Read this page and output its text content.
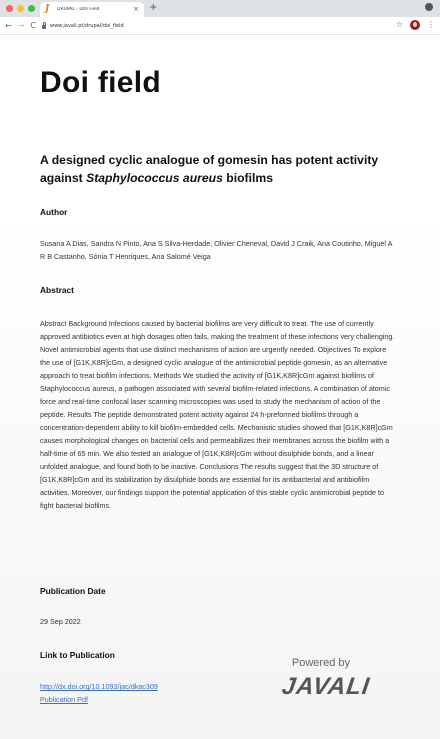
J	DRUPAL - DOI Field	× +
← → C	www.javali.pt/drupal/doi_field	☆	⋮
Doi field
A designed cyclic analogue of gomesin has potent activity against Staphylococcus aureus biofilms
Author

Susana A Dias, Sandra N Pinto, Ana S Silva-Herdade, Olivier Cheneval, David J Craik, Ana Coutinho, Miguel A R B Castanho, Sónia T Henriques, Ana Salomé Veiga

Abstract

Abstract Background Infections caused by bacterial biofilms are very difficult to treat. The use of currently approved antibiotics even at high dosages often fails, making the treatment of these infections very challenging. Novel antimicrobial agents that use distinct mechanisms of action are urgently needed. Objectives To explore the use of [G1K,K8R]cGm, a designed cyclic analogue of the antimicrobial peptide gomesin, as an alternative approach to treat biofilm infections. Methods We studied the activity of [G1K,K8R]cGm against biofilms of Staphylococcus aureus, a pathogen associated with several biofilm-related infections. A combination of atomic force and real-time confocal laser scanning microscopies was used to study the mechanism of action of the peptide. Results The peptide demonstrated potent activity against 24 h-preformed biofilms through a concentration-dependent ability to kill biofilm-embedded cells. Mechanistic studies showed that [G1K,K8R]cGm causes morphological changes on bacterial cells and permeabilizes their membranes across the biofilm with a half-time of 65 min. We also tested an analogue of [G1K,K8R]cGm without disulphide bonds, and a linear unfolded analogue, and found both to be inactive. Conclusions The results suggest that the 3D structure of [G1K,K8R]cGm and its stabilization by disulphide bonds are essential for its antibacterial and antibiofilm activities. Moreover, our findings support the potential application of this stable cyclic antimicrobial peptide to fight bacterial biofilms.

Publication Date

29 Sep 2022

Link to Publication
http://dx.doi.org/10.1093/jac/dkac309
Publication Pdf
Powered by
JAVALI
